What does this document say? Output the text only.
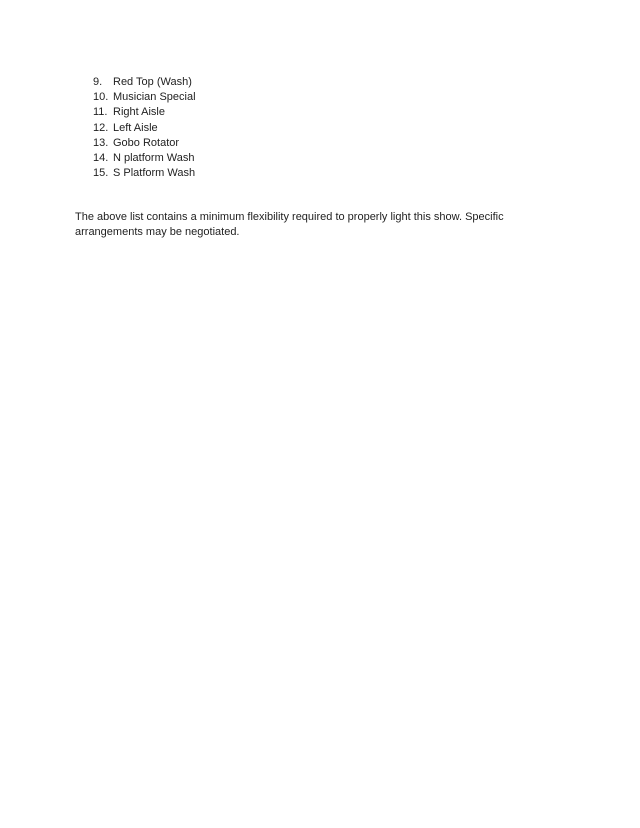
9. Red Top (Wash)
10. Musician Special
11. Right Aisle
12. Left Aisle
13. Gobo Rotator
14. N platform Wash
15. S Platform Wash

The above list contains a minimum flexibility required to properly light this show. Specific arrangements may be negotiated.
